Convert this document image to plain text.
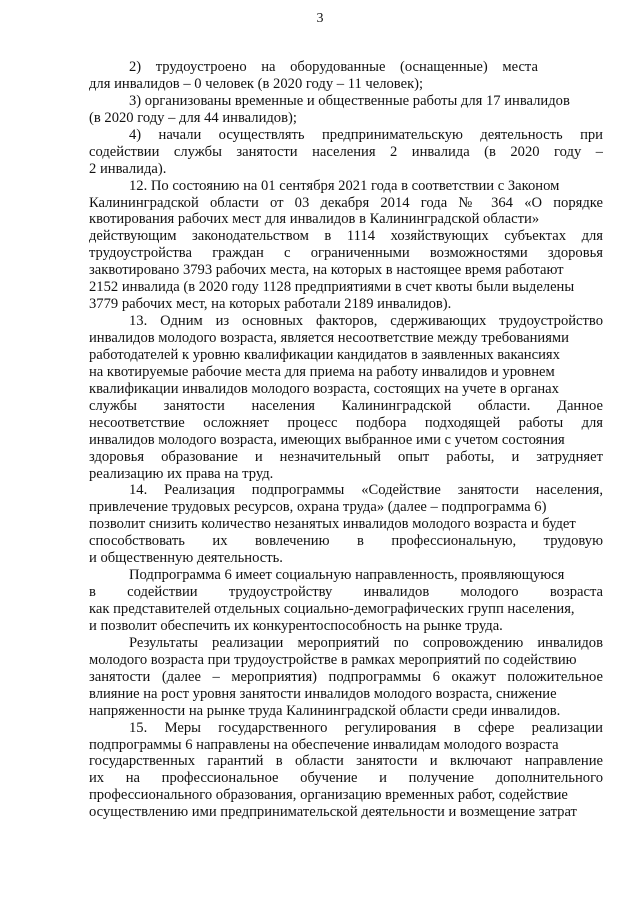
3
2)    трудоустроено    на    оборудованные    (оснащенные)    места
для инвалидов – 0 человек (в 2020 году – 11 человек);
3) организованы временные и общественные работы для 17 инвалидов
(в 2020 году – для 44 инвалидов);
4) начали осуществлять предпринимательскую деятельность при
содействии службы занятости населения 2 инвалида (в 2020 году –
2 инвалида).
12. По состоянию на 01 сентября 2021 года в соответствии с Законом
Калининградской области от 03 декабря 2014 года № 364 «О порядке
квотирования рабочих мест для инвалидов в Калининградской области»
действующим законодательством в 1114 хозяйствующих субъектах для
трудоустройства граждан с ограниченными возможностями здоровья
заквотировано 3793 рабочих места, на которых в настоящее время работают
2152 инвалида (в 2020 году 1128 предприятиями в счет квоты были выделены
3779 рабочих мест, на которых работали 2189 инвалидов).
13. Одним из основных факторов, сдерживающих трудоустройство
инвалидов молодого возраста, является несоответствие между требованиями
работодателей к уровню квалификации кандидатов в заявленных вакансиях
на квотируемые рабочие места для приема на работу инвалидов и уровнем
квалификации инвалидов молодого возраста, состоящих на учете в органах
службы занятости населения Калининградской области. Данное
несоответствие осложняет процесс подбора подходящей работы для
инвалидов молодого возраста, имеющих выбранное ими с учетом состояния
здоровья образование и незначительный опыт работы, и затрудняет
реализацию их права на труд.
14. Реализация подпрограммы «Содействие занятости населения,
привлечение трудовых ресурсов, охрана труда» (далее – подпрограмма 6)
позволит снизить количество незанятых инвалидов молодого возраста и будет
способствовать их вовлечению в профессиональную, трудовую
и общественную деятельность.
Подпрограмма 6 имеет социальную направленность, проявляющуюся
в содействии трудоустройству инвалидов молодого возраста
как представителей отдельных социально-демографических групп населения,
и позволит обеспечить их конкурентоспособность на рынке труда.
Результаты реализации мероприятий по сопровождению инвалидов
молодого возраста при трудоустройстве в рамках мероприятий по содействию
занятости (далее – мероприятия) подпрограммы 6 окажут положительное
влияние на рост уровня занятости инвалидов молодого возраста, снижение
напряженности на рынке труда Калининградской области среди инвалидов.
15. Меры государственного регулирования в сфере реализации
подпрограммы 6 направлены на обеспечение инвалидам молодого возраста
государственных гарантий в области занятости и включают направление
их на профессиональное обучение и получение дополнительного
профессионального образования, организацию временных работ, содействие
осуществлению ими предпринимательской деятельности и возмещение затрат
